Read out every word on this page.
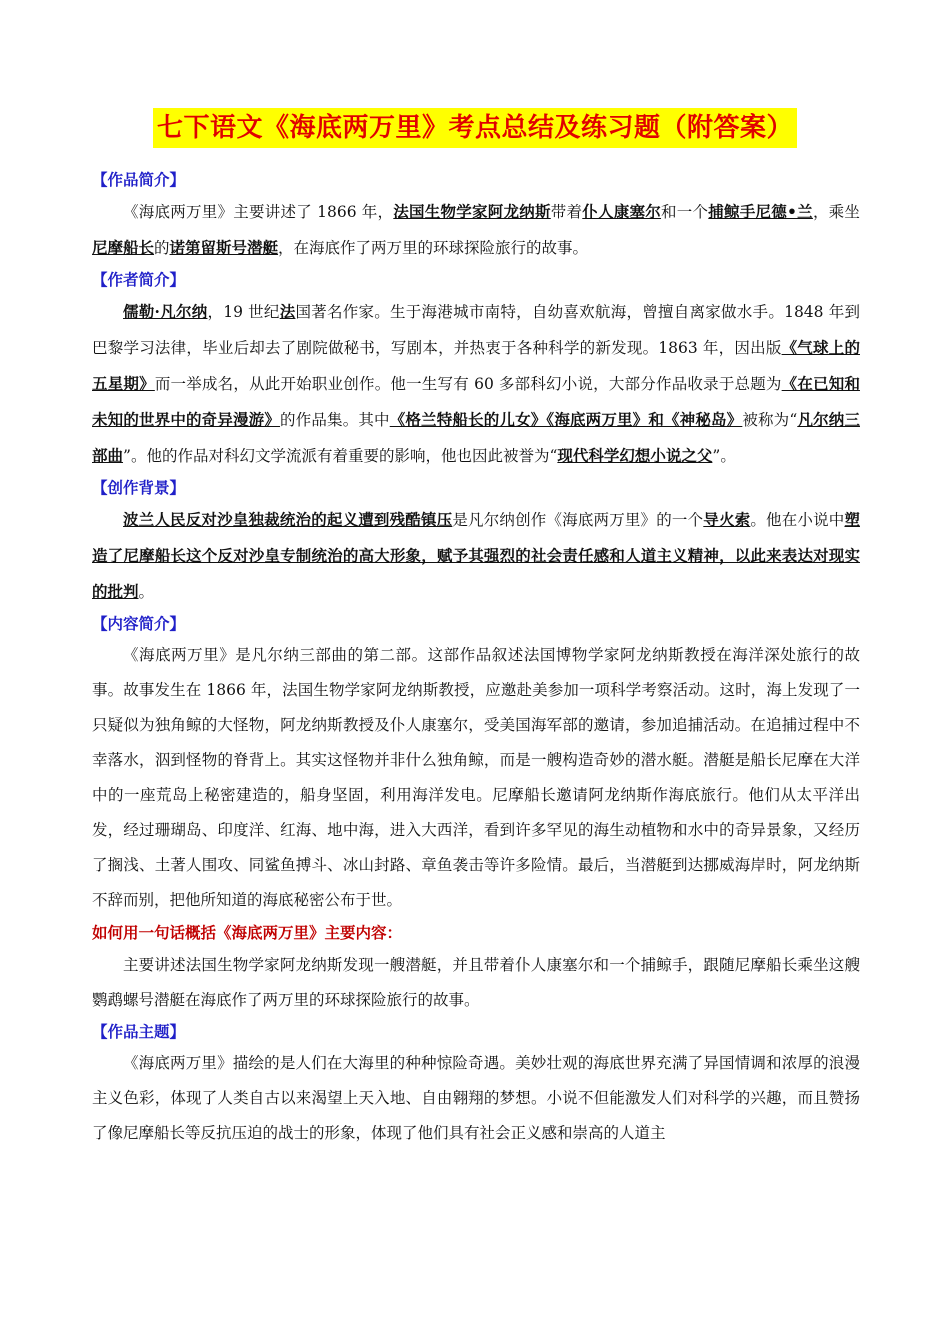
七下语文《海底两万里》考点总结及练习题（附答案）

【作品简介】

《海底两万里》主要讲述了 1866 年，法国生物学家阿龙纳斯带着仆人康塞尔和一个捕鲸手尼德•兰，乘坐尼摩船长的诺第留斯号潜艇，在海底作了两万里的环球探险旅行的故事。

【作者简介】

儒勒·凡尔纳，19 世纪法国著名作家。生于海港城市南特，自幼喜欢航海，曾擅自离家做水手。1848 年到巴黎学习法律，毕业后却去了剧院做秘书，写剧本，并热衷于各种科学的新发现。1863 年，因出版《气球上的五星期》而一举成名，从此开始职业创作。他一生写有 60 多部科幻小说，大部分作品收录于总题为《在已知和未知的世界中的奇异漫游》的作品集。其中《格兰特船长的儿女》《海底两万里》和《神秘岛》被称为“凡尔纳三部曲”。他的作品对科幻文学流派有着重要的影响，他也因此被誉为“现代科学幻想小说之父”。

【创作背景】

波兰人民反对沙皇独裁统治的起义遭到残酷镇压是凡尔纳创作《海底两万里》的一个导火索。他在小说中塑造了尼摩船长这个反对沙皇专制统治的高大形象，赋予其强烈的社会责任感和人道主义精神，以此来表达对现实的批判。

【内容简介】

《海底两万里》是凡尔纳三部曲的第二部。这部作品叙述法国博物学家阿龙纳斯教授在海洋深处旅行的故事。故事发生在 1866 年，法国生物学家阿龙纳斯教授，应邀赴美参加一项科学考察活动。这时，海上发现了一只疑似为独角鲸的大怪物，阿龙纳斯教授及仆人康塞尔，受美国海军部的邀请，参加追捕活动。在追捕过程中不幸落水，泅到怪物的脊背上。其实这怪物并非什么独角鲸，而是一艘构造奇妙的潜水艇。潜艇是船长尼摩在大洋中的一座荒岛上秘密建造的，船身坚固，利用海洋发电。尼摩船长邀请阿龙纳斯作海底旅行。他们从太平洋出发，经过珊瑚岛、印度洋、红海、地中海，进入大西洋，看到许多罕见的海生动植物和水中的奇异景象，又经历了搁浅、土著人围攻、同鲨鱼搏斗、冰山封路、章鱼袭击等许多险情。最后，当潜艇到达挪威海岸时，阿龙纳斯不辞而别，把他所知道的海底秘密公布于世。

如何用一句话概括《海底两万里》主要内容：

主要讲述法国生物学家阿龙纳斯发现一艘潜艇，并且带着仆人康塞尔和一个捕鲸手，跟随尼摩船长乘坐这艘鹦鹉螺号潜艇在海底作了两万里的环球探险旅行的故事。

【作品主题】

《海底两万里》描绘的是人们在大海里的种种惊险奇遇。美妙壮观的海底世界充满了异国情调和浓厚的浪漫主义色彩，体现了人类自古以来渴望上天入地、自由翱翔的梦想。小说不但能激发人们对科学的兴趣，而且赞扬了像尼摩船长等反抗压迫的战士的形象，体现了他们具有社会正义感和崇高的人道主
